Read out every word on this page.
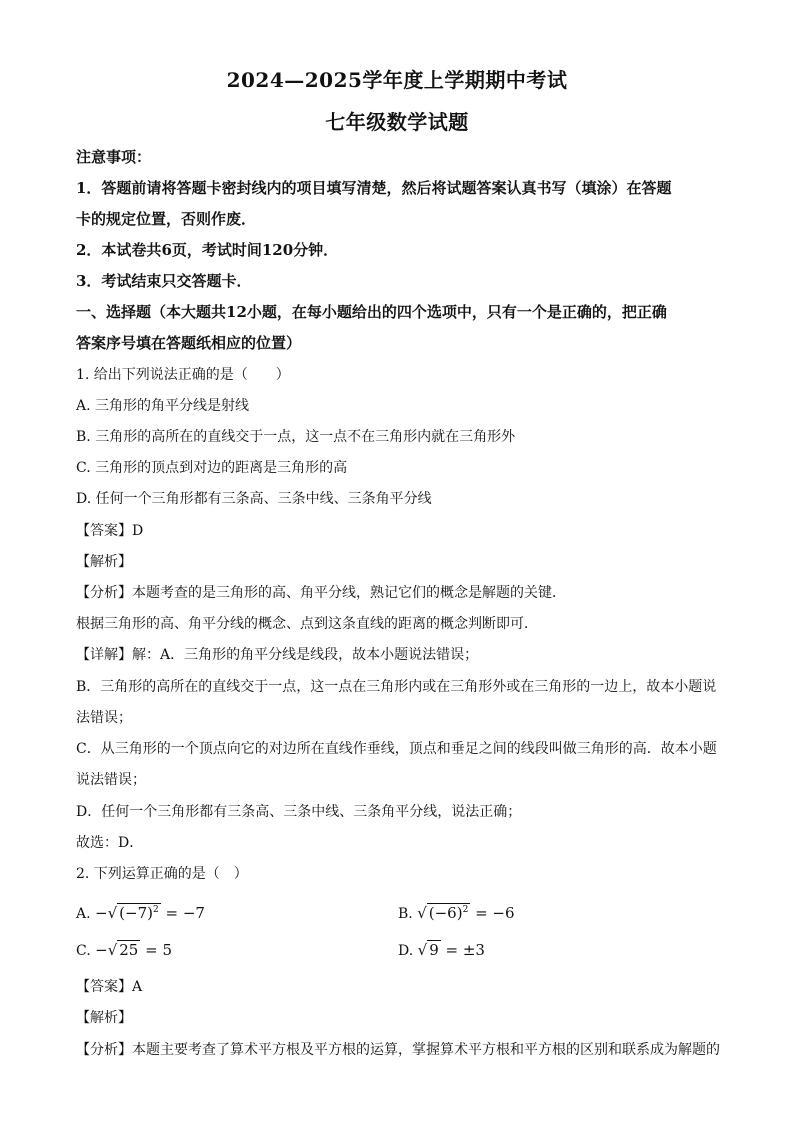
2024—2025学年度上学期期中考试
七年级数学试题
注意事项：
1．答题前请将答题卡密封线内的项目填写清楚，然后将试题答案认真书写（填涂）在答题
卡的规定位置，否则作废．
2．本试卷共6页，考试时间120分钟．
3．考试结束只交答题卡．
一、选择题（本大题共12小题，在每小题给出的四个选项中，只有一个是正确的，把正确
答案序号填在答题纸相应的位置）
1. 给出下列说法正确的是（　　）
A. 三角形的角平分线是射线
B. 三角形的高所在的直线交于一点，这一点不在三角形内就在三角形外
C. 三角形的顶点到对边的距离是三角形的高
D. 任何一个三角形都有三条高、三条中线、三条角平分线
【答案】D
【解析】
【分析】本题考查的是三角形的高、角平分线，熟记它们的概念是解题的关键．
根据三角形的高、角平分线的概念、点到这条直线的距离的概念判断即可．
【详解】解：A．三角形的角平分线是线段，故本小题说法错误；
B．三角形的高所在的直线交于一点，这一点在三角形内或在三角形外或在三角形的一边上，故本小题说
法错误；
C．从三角形的一个顶点向它的对边所在直线作垂线，顶点和垂足之间的线段叫做三角形的高．故本小题
说法错误；
D．任何一个三角形都有三条高、三条中线、三条角平分线，说法正确；
故选：D．
2. 下列运算正确的是（　）
A. −√ $(-7)^2 = -7$	B. √ $(-6)^2 = -6$
C. −√ 25 = 5	D. √ 9 = ±3
【答案】A
【解析】
【分析】本题主要考查了算术平方根及平方根的运算，掌握算术平方根和平方根的区别和联系成为解题的
